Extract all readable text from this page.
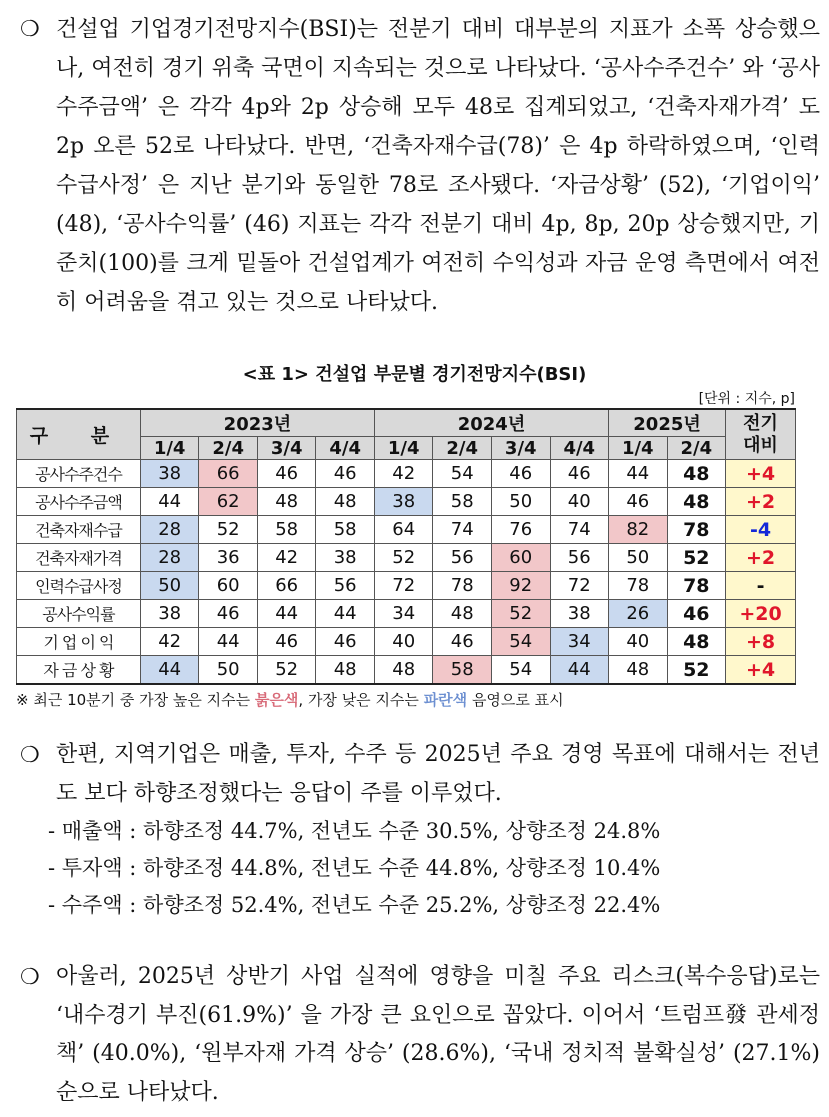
❍ 건설업 기업경기전망지수(BSI)는 전분기 대비 대부분의 지표가 소폭 상승했으나, 여전히 경기 위축 국면이 지속되는 것으로 나타났다. ‘공사수주건수’ 와 ‘공사수주금액’ 은 각각 4p와 2p 상승해 모두 48로 집계되었고, ‘건축자재가격’ 도 2p 오른 52로 나타났다. 반면, ‘건축자재수급(78)’ 은 4p 하락하였으며, ‘인력수급사정’ 은 지난 분기와 동일한 78로 조사됐다. ‘자금상황’ (52), ‘기업이익’ (48), ‘공사수익률’ (46) 지표는 각각 전분기 대비 4p, 8p, 20p 상승했지만, 기준치(100)를 크게 밑돌아 건설업계가 여전히 수익성과 자금 운영 측면에서 여전히 어려움을 겪고 있는 것으로 나타났다.
<표 1> 건설업 부문별 경기전망지수(BSI)
[단위 : 지수, p]
구 분	2023년				2024년				2025년		전기
대비
	1/4	2/4	3/4	4/4	1/4	2/4	3/4	4/4	1/4	2/4	
공사수주건수	38	66	46	46	42	54	46	46	44	48	+4
공사수주금액	44	62	48	48	38	58	50	40	46	48	+2
건축자재수급	28	52	58	58	64	74	76	74	82	78	-4
건축자재가격	28	36	42	38	52	56	60	56	50	52	+2
인력수급사정	50	60	66	56	72	78	92	72	78	78	-
공사수익률	38	46	44	44	34	48	52	38	26	46	+20
기 업 이 익	42	44	46	46	40	46	54	34	40	48	+8
자 금 상 황	44	50	52	48	48	58	54	44	48	52	+4
※ 최근 10분기 중 가장 높은 지수는 붉은색, 가장 낮은 지수는 파란색 음영으로 표시
❍ 한편, 지역기업은 매출, 투자, 수주 등 2025년 주요 경영 목표에 대해서는 전년도 보다 하향조정했다는 응답이 주를 이루었다.
- 매출액 : 하향조정 44.7%, 전년도 수준 30.5%, 상향조정 24.8%
- 투자액 : 하향조정 44.8%, 전년도 수준 44.8%, 상향조정 10.4%
- 수주액 : 하향조정 52.4%, 전년도 수준 25.2%, 상향조정 22.4%
❍ 아울러, 2025년 상반기 사업 실적에 영향을 미칠 주요 리스크(복수응답)로는 ‘내수경기 부진(61.9%)’ 을 가장 큰 요인으로 꼽았다. 이어서 ‘트럼프發 관세정책’ (40.0%), ‘원부자재 가격 상승’ (28.6%), ‘국내 정치적 불확실성’ (27.1%) 순으로 나타났다.
